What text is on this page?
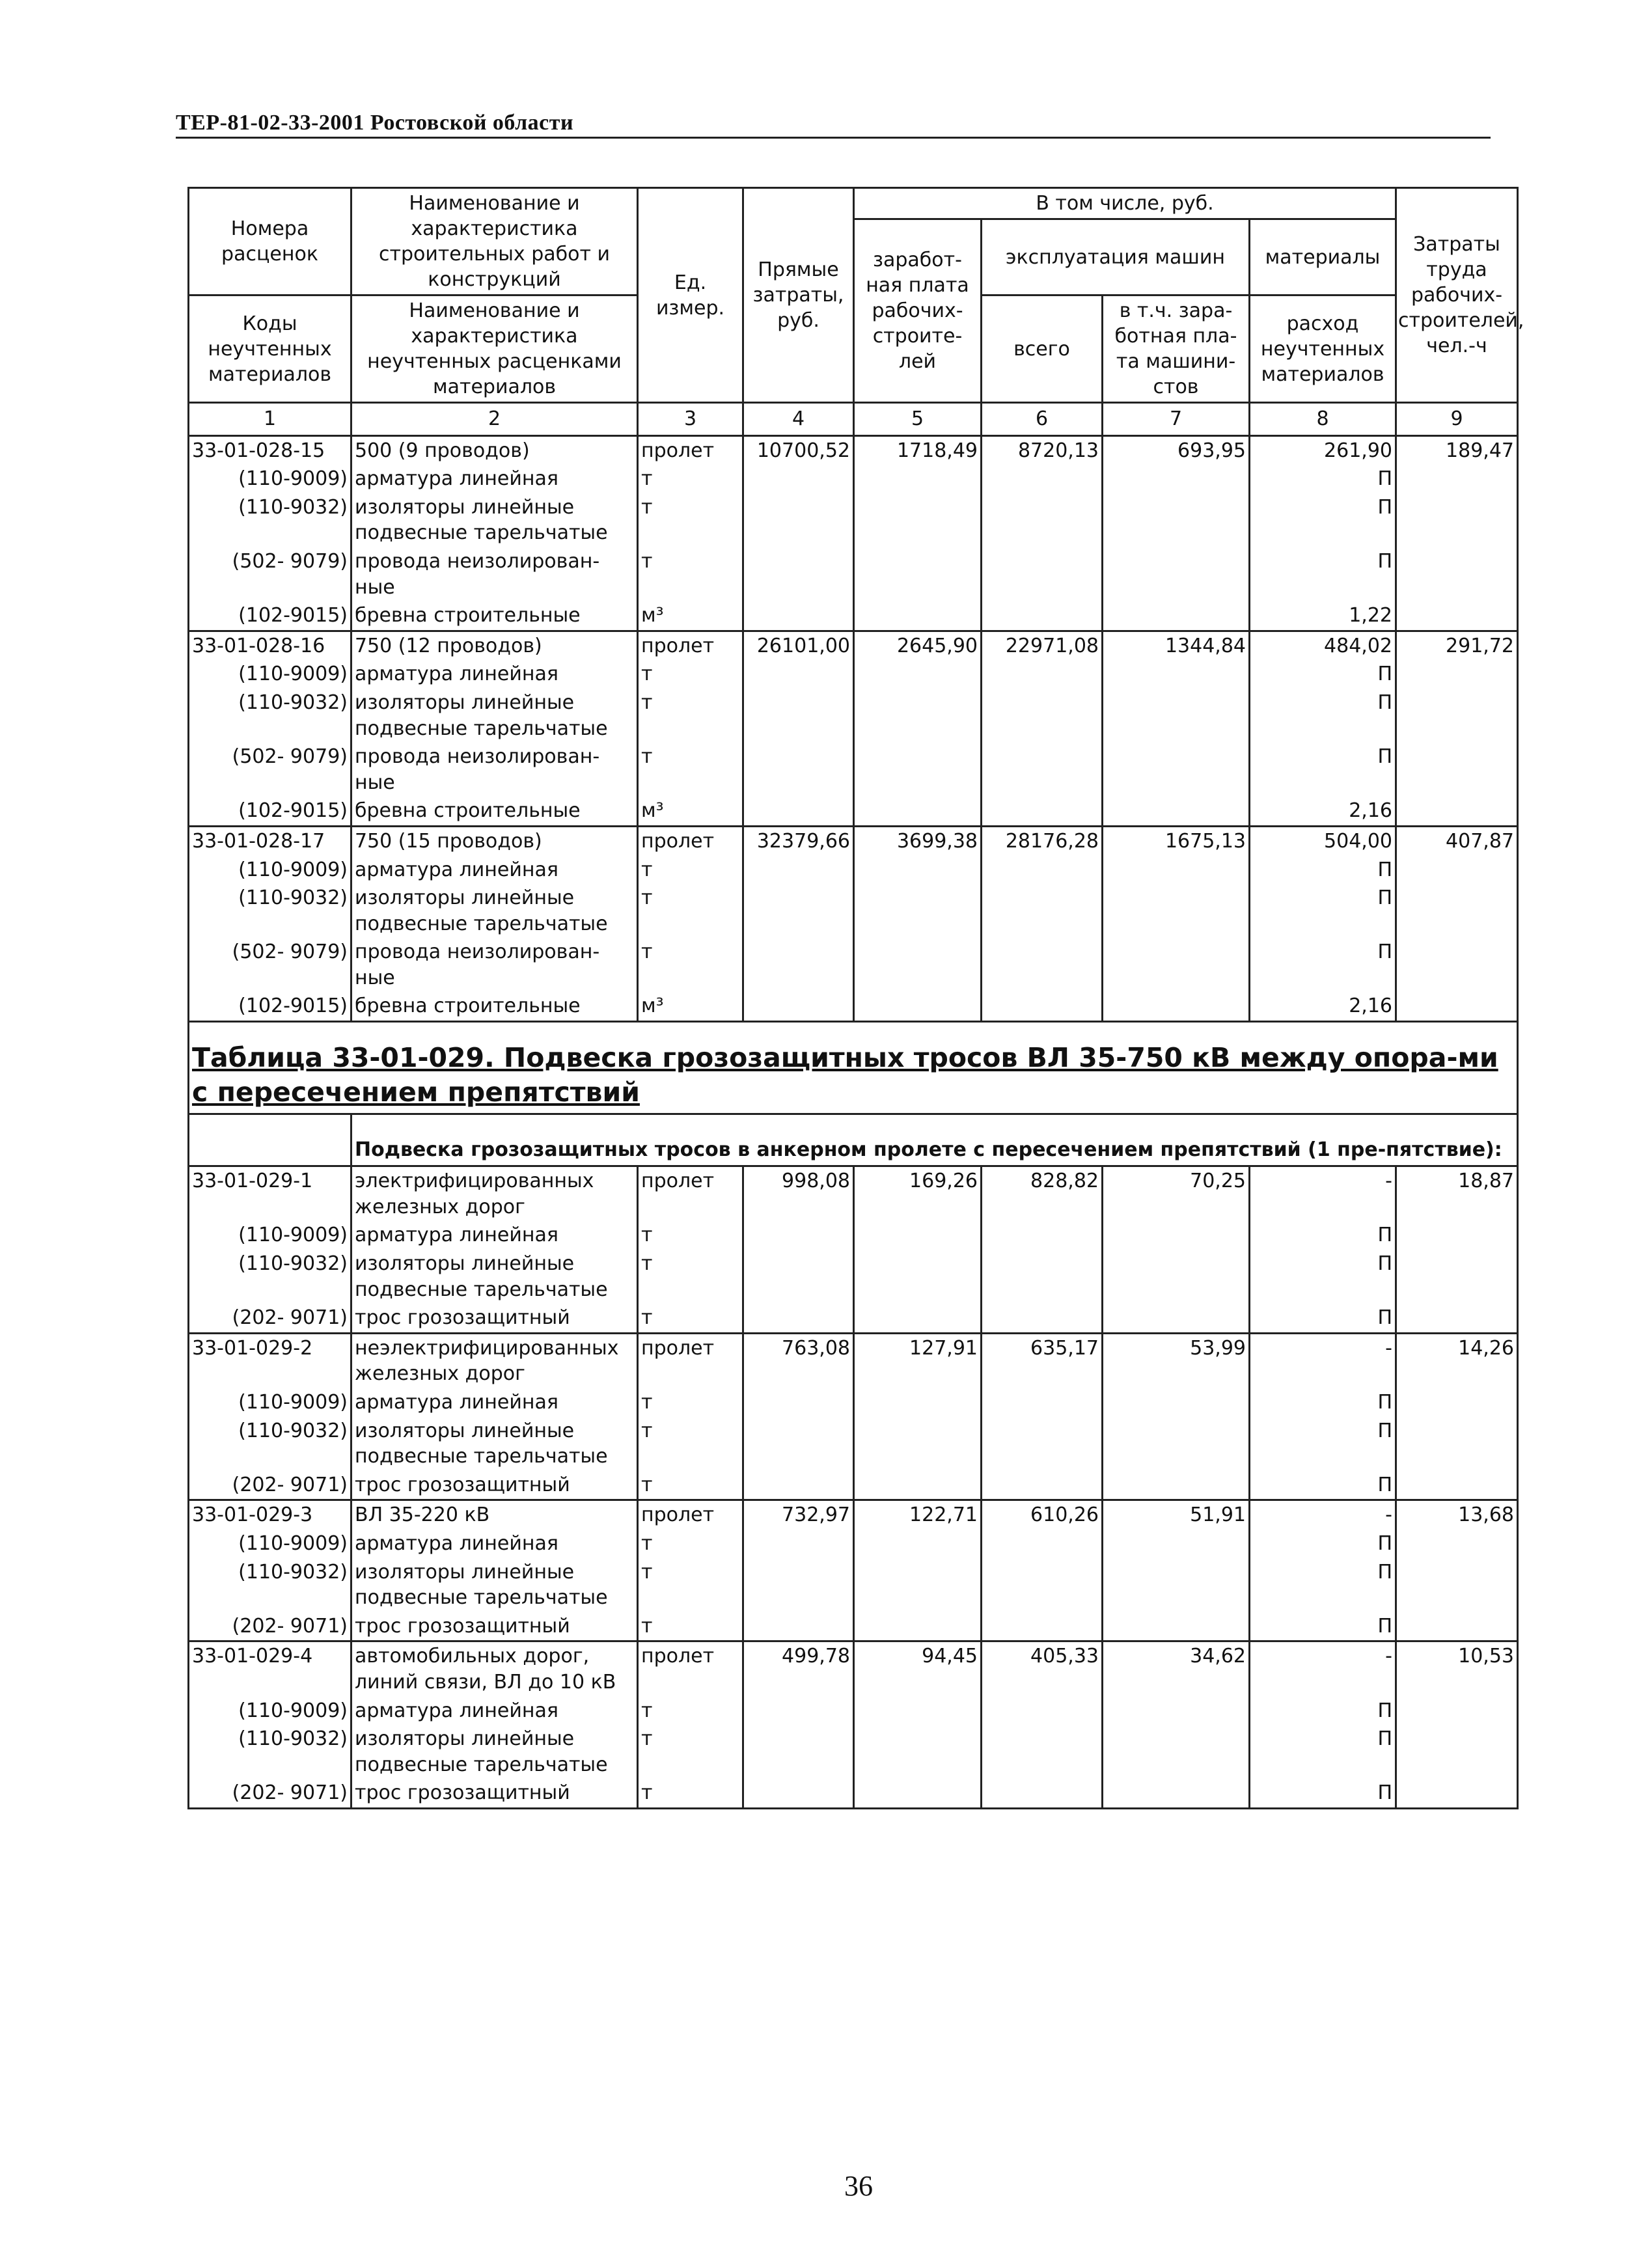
ТЕР-81-02-33-2001 Ростовской области
Номера расценок	Наименование и характеристика строительных работ и конструкций	Ед. измер.	Прямые затраты, руб.	В том числе, руб.				Затраты труда рабочих-строителей, чел.-ч
				заработ-ная плата рабочих-строите-лей	эксплуатация машин		материалы	

Коды неучтенных материалов	Наименование и характеристика неучтенных расценками материалов				всего	в т.ч. зара-ботная пла-та машини-стов	расход неучтенных материалов	

1	2	3	4	5	6	7	8	9
33-01-028-15	500 (9 проводов)	пролет	10700,52	1718,49	8720,13	693,95	261,90	189,47
(110-9009)	арматура линейная	т					П	
(110-9032)	изоляторы линейные подвесные тарельчатые	т					П	
(502- 9079)	провода неизолирован-ные	т					П	
(102-9015)	бревна строительные	м³					1,22	
33-01-028-16	750 (12 проводов)	пролет	26101,00	2645,90	22971,08	1344,84	484,02	291,72
(110-9009)	арматура линейная	т					П	
(110-9032)	изоляторы линейные подвесные тарельчатые	т					П	
(502- 9079)	провода неизолирован-ные	т					П	
(102-9015)	бревна строительные	м³					2,16	
33-01-028-17	750 (15 проводов)	пролет	32379,66	3699,38	28176,28	1675,13	504,00	407,87
(110-9009)	арматура линейная	т					П	
(110-9032)	изоляторы линейные подвесные тарельчатые	т					П	
(502- 9079)	провода неизолирован-ные	т					П	
(102-9015)	бревна строительные	м³					2,16	
Таблица 33-01-029. Подвеска грозозащитных тросов ВЛ 35-750 кВ между опора-ми с пересечением препятствий								
	Подвеска грозозащитных тросов в анкерном пролете с пересечением препятствий (1 пре-пятствие):							
33-01-029-1	электрифицированных железных дорог	пролет	998,08	169,26	828,82	70,25	-	18,87
(110-9009)	арматура линейная	т					П	
(110-9032)	изоляторы линейные подвесные тарельчатые	т					П	
(202- 9071)	трос грозозащитный	т					П	
33-01-029-2	неэлектрифицированных железных дорог	пролет	763,08	127,91	635,17	53,99	-	14,26
(110-9009)	арматура линейная	т					П	
(110-9032)	изоляторы линейные подвесные тарельчатые	т					П	
(202- 9071)	трос грозозащитный	т					П	
33-01-029-3	ВЛ 35-220 кВ	пролет	732,97	122,71	610,26	51,91	-	13,68
(110-9009)	арматура линейная	т					П	
(110-9032)	изоляторы линейные подвесные тарельчатые	т					П	
(202- 9071)	трос грозозащитный	т					П	
33-01-029-4	автомобильных дорог, линий связи, ВЛ до 10 кВ	пролет	499,78	94,45	405,33	34,62	-	10,53
(110-9009)	арматура линейная	т					П	
(110-9032)	изоляторы линейные подвесные тарельчатые	т					П	
(202- 9071)	трос грозозащитный	т					П	
36
